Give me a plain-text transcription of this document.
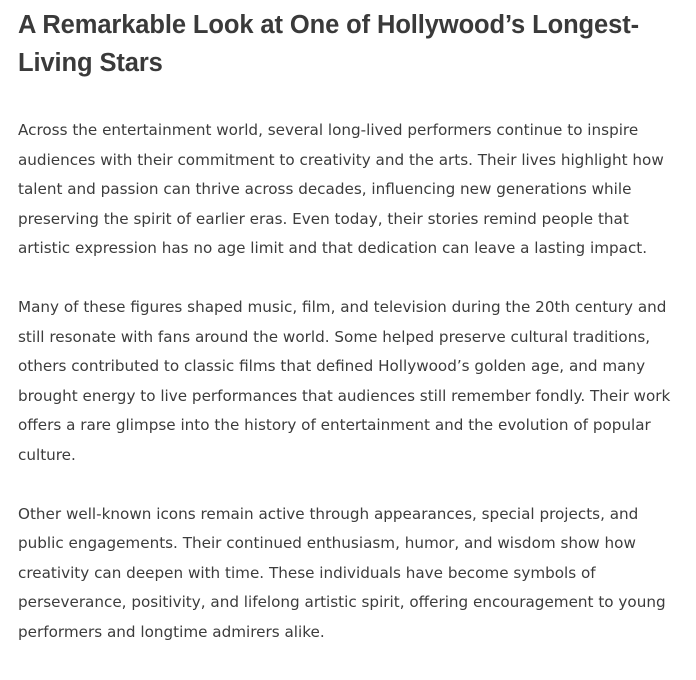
A Remarkable Look at One of Hollywood’s Longest-Living Stars

Across the entertainment world, several long-lived performers continue to inspire audiences with their commitment to creativity and the arts. Their lives highlight how talent and passion can thrive across decades, influencing new generations while preserving the spirit of earlier eras. Even today, their stories remind people that artistic expression has no age limit and that dedication can leave a lasting impact.

Many of these figures shaped music, film, and television during the 20th century and still resonate with fans around the world. Some helped preserve cultural traditions, others contributed to classic films that defined Hollywood’s golden age, and many brought energy to live performances that audiences still remember fondly. Their work offers a rare glimpse into the history of entertainment and the evolution of popular culture.

Other well-known icons remain active through appearances, special projects, and public engagements. Their continued enthusiasm, humor, and wisdom show how creativity can deepen with time. These individuals have become symbols of perseverance, positivity, and lifelong artistic spirit, offering encouragement to young performers and longtime admirers alike.
